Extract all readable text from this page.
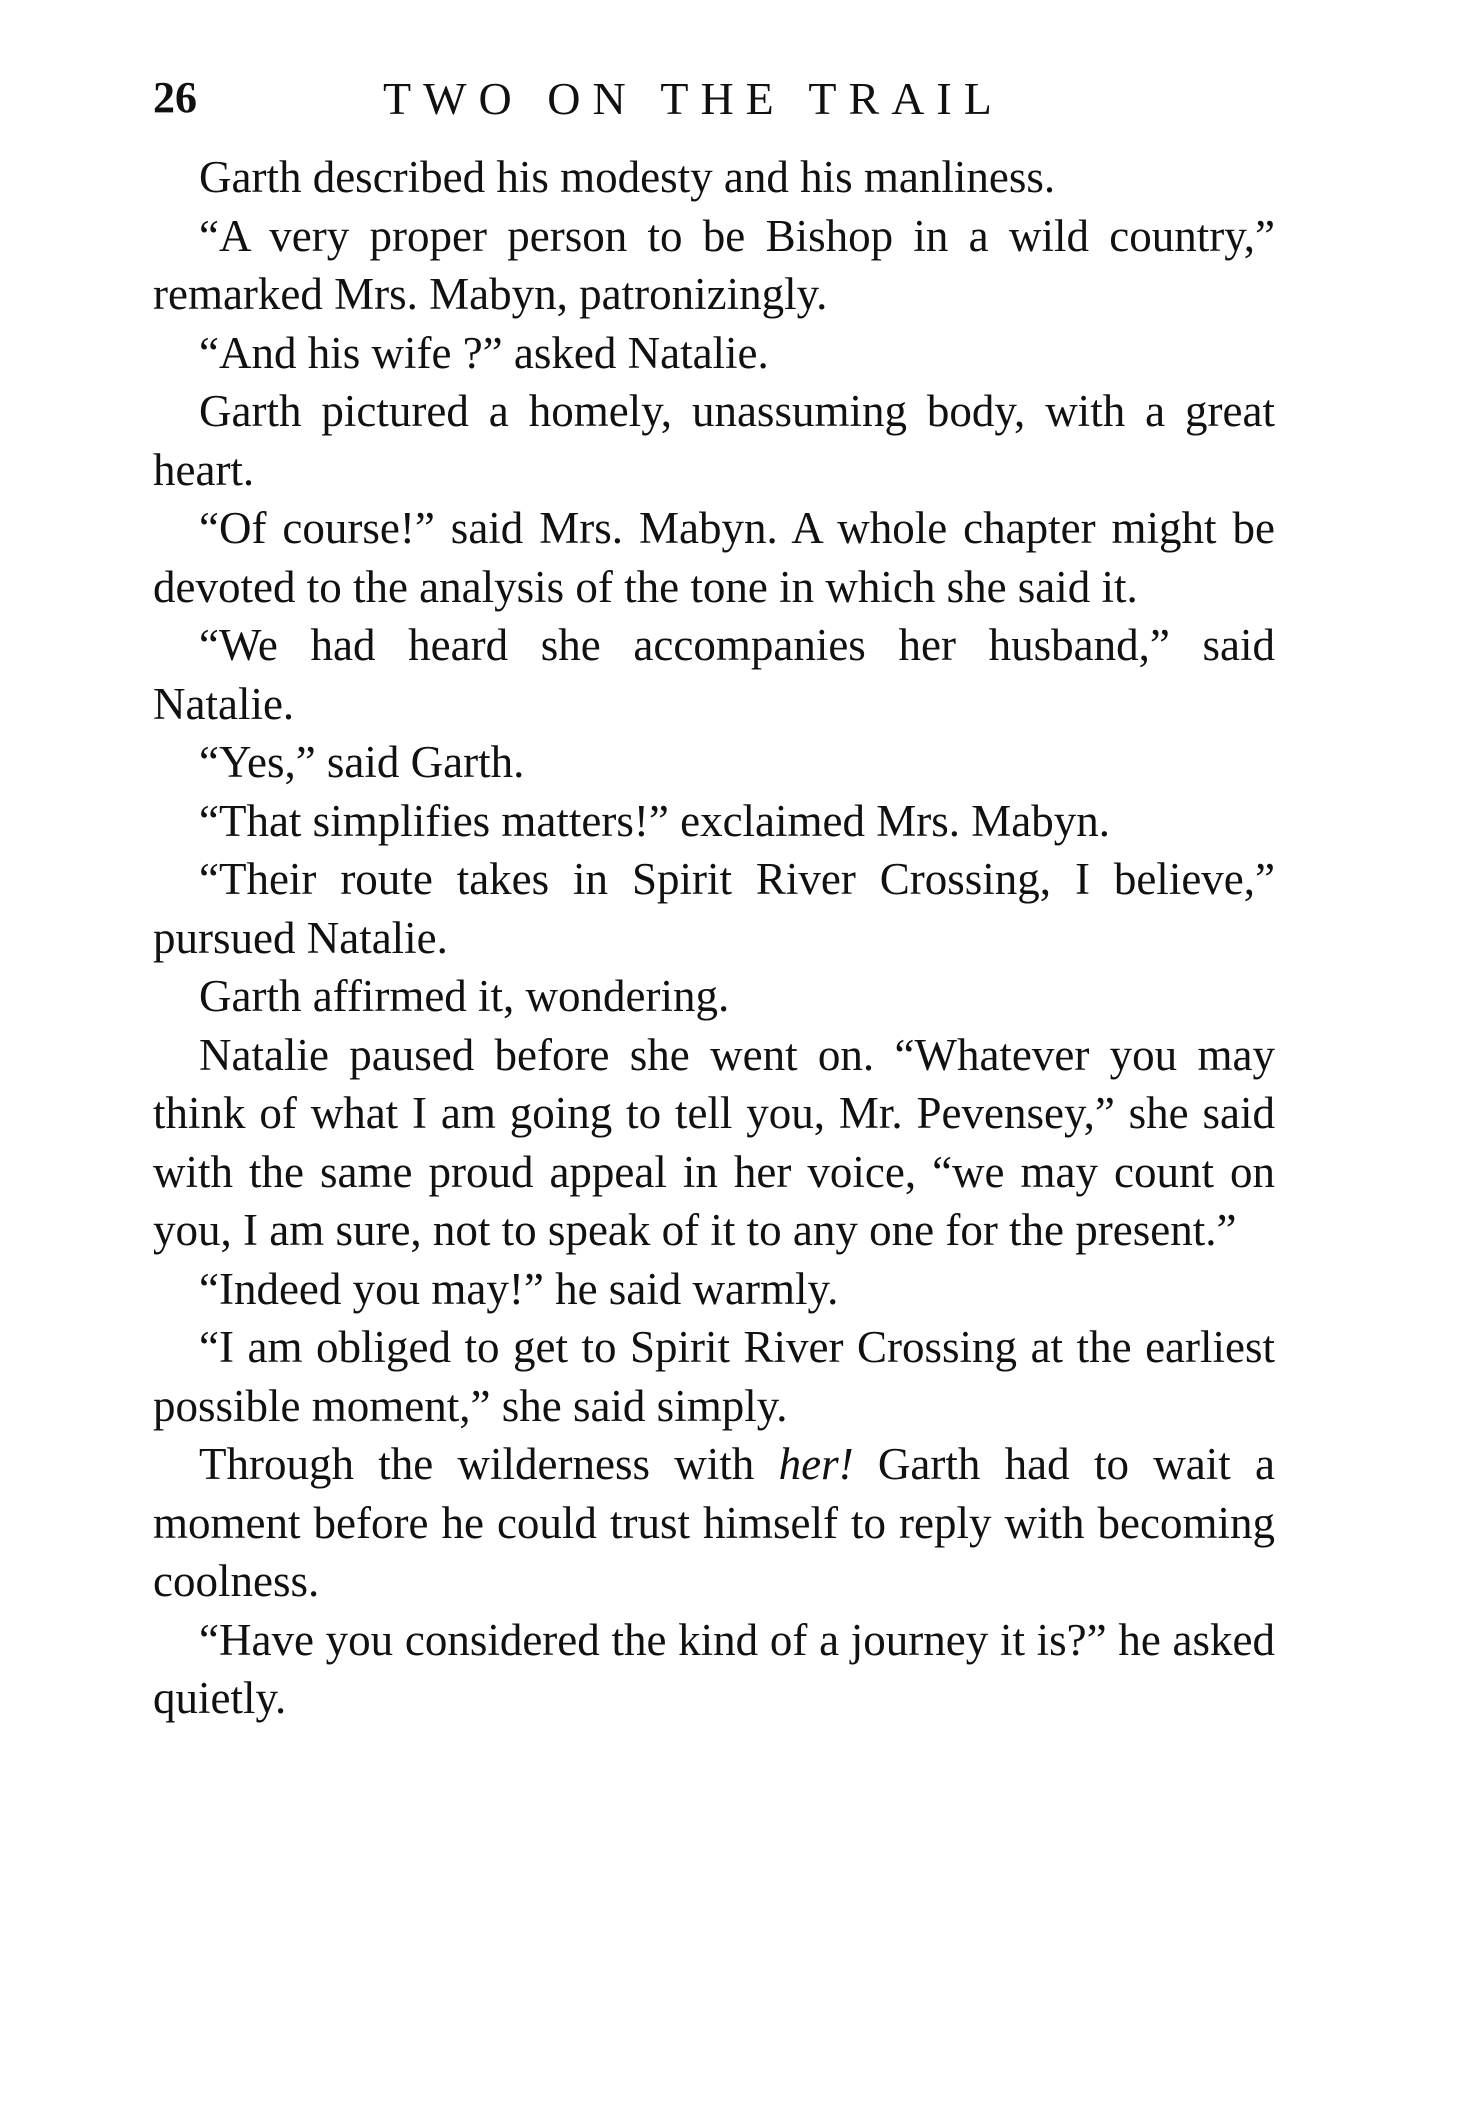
26	TWO ON THE TRAIL

Garth described his modesty and his manliness.

“A very proper person to be Bishop in a wild country,” remarked Mrs. Mabyn, patronizingly.

“And his wife ?” asked Natalie.

Garth pictured a homely, unassuming body, with a great heart.

“Of course!” said Mrs. Mabyn. A whole chapter might be devoted to the analysis of the tone in which she said it.

“We had heard she accompanies her husband,” said Natalie.

“Yes,” said Garth.

“That simplifies matters!” exclaimed Mrs. Mabyn.

“Their route takes in Spirit River Crossing, I believe,” pursued Natalie.

Garth affirmed it, wondering.

Natalie paused before she went on. “Whatever you may think of what I am going to tell you, Mr. Pevensey,” she said with the same proud appeal in her voice, “we may count on you, I am sure, not to speak of it to any one for the present.”

“Indeed you may!” he said warmly.

“I am obliged to get to Spirit River Crossing at the earliest possible moment,” she said simply.

Through the wilderness with her! Garth had to wait a moment before he could trust himself to reply with becoming coolness.

“Have you considered the kind of a journey it is?” he asked quietly.
